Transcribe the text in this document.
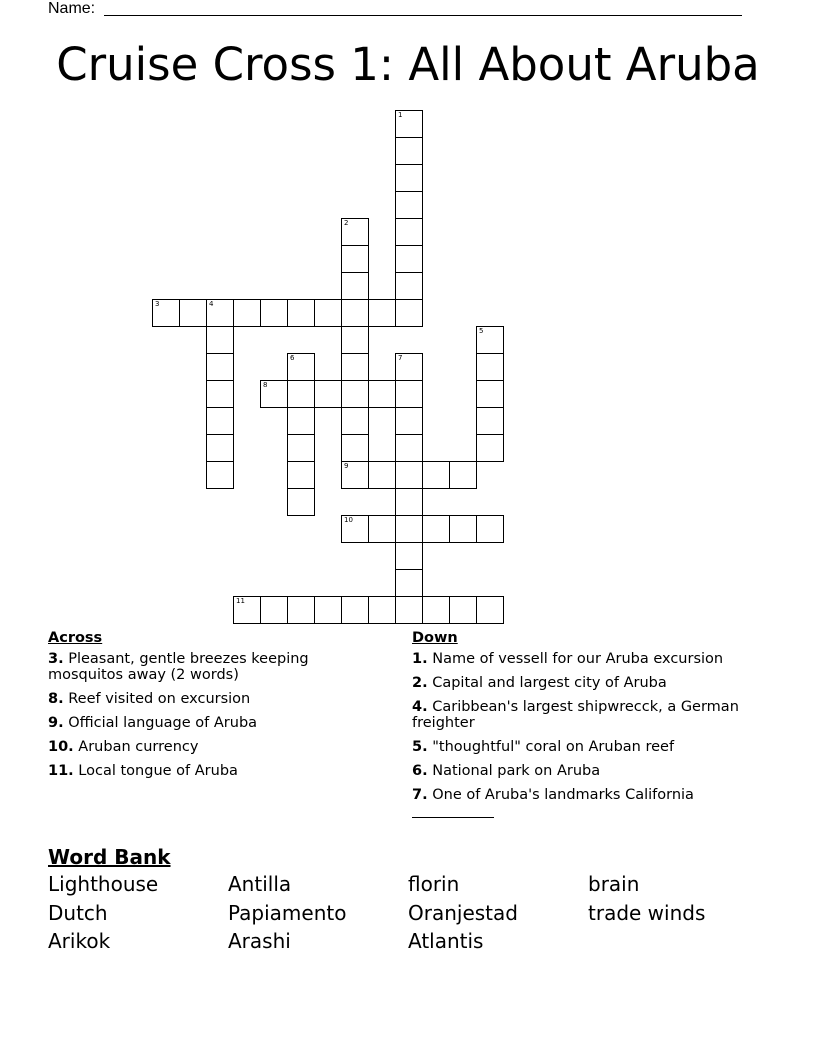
Name:
Cruise Cross 1: All About Aruba
1
2
3	4
5
6	7
8
9
10
11
Across
3. Pleasant, gentle breezes keeping mosquitos away (2 words)
8. Reef visited on excursion
9. Official language of Aruba
10. Aruban currency
11. Local tongue of Aruba
Down
1. Name of vessell for our Aruba excursion
2. Capital and largest city of Aruba
4. Caribbean's largest shipwrecck, a German freighter
5. "thoughtful" coral on Aruban reef
6. National park on Aruba
7. One of Aruba's landmarks California
Word Bank
Lighthouse	Antilla	florin	brain
Dutch	Papiamento	Oranjestad	trade winds
Arikok	Arashi	Atlantis
